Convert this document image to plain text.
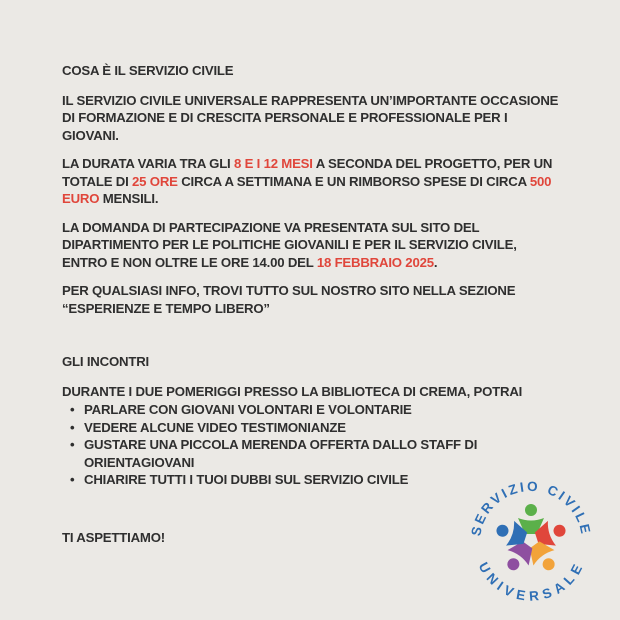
COSA È IL SERVIZIO CIVILE

IL SERVIZIO CIVILE UNIVERSALE RAPPRESENTA UN’IMPORTANTE OCCASIONE DI FORMAZIONE E DI CRESCITA PERSONALE E PROFESSIONALE PER I GIOVANI.

LA DURATA VARIA TRA GLI 8 E I 12 MESI A SECONDA DEL PROGETTO, PER UN TOTALE DI 25 ORE CIRCA A SETTIMANA E UN RIMBORSO SPESE DI CIRCA 500 EURO MENSILI.

LA DOMANDA DI PARTECIPAZIONE VA PRESENTATA SUL SITO DEL DIPARTIMENTO PER LE POLITICHE GIOVANILI E PER IL SERVIZIO CIVILE, ENTRO E NON OLTRE LE ORE 14.00 DEL 18 FEBBRAIO 2025.

PER QUALSIASI INFO, TROVI TUTTO SUL NOSTRO SITO NELLA SEZIONE “ESPERIENZE E TEMPO LIBERO”

GLI INCONTRI

DURANTE I DUE POMERIGGI PRESSO LA BIBLIOTECA DI CREMA, POTRAI

• PARLARE CON GIOVANI VOLONTARI E VOLONTARIE
• VEDERE ALCUNE VIDEO TESTIMONIANZE
• GUSTARE UNA PICCOLA MERENDA OFFERTA DALLO STAFF DI ORIENTAGIOVANI
• CHIARIRE TUTTI I TUOI DUBBI SUL SERVIZIO CIVILE

TI ASPETTIAMO!	SERVIZIO CIVILE
UNIVERSALE
